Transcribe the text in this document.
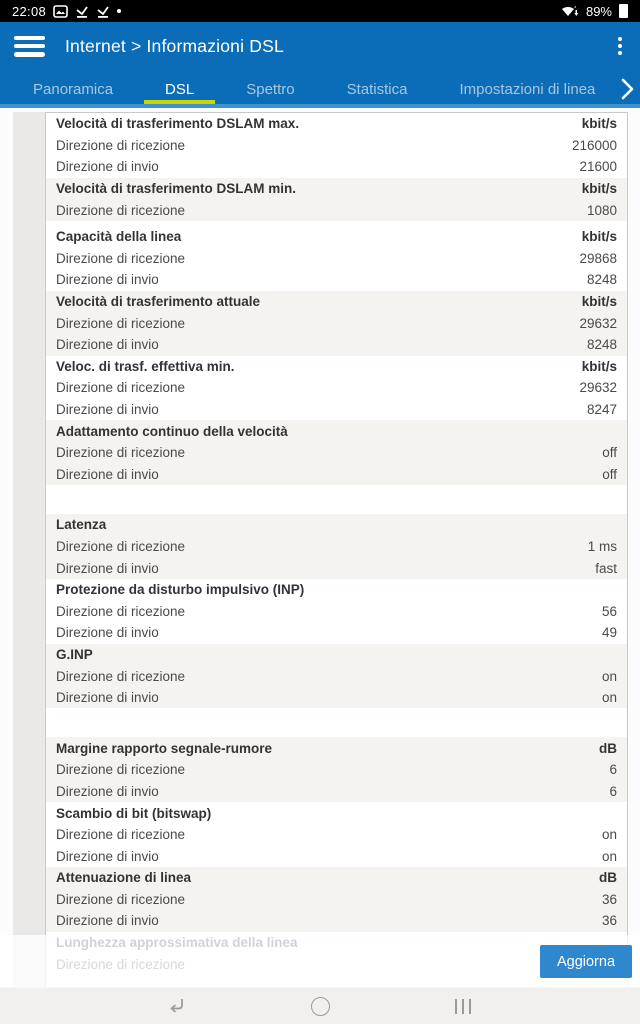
22:08	89%
Internet > Informazioni DSL
Panoramica	DSL	Spettro	Statistica	Impostazioni di linea
Velocità di trasferimento DSLAM max.	kbit/s
Direzione di ricezione	216000
Direzione di invio	21600
Velocità di trasferimento DSLAM min.	kbit/s
Direzione di ricezione	1080
Capacità della linea	kbit/s
Direzione di ricezione	29868
Direzione di invio	8248
Velocità di trasferimento attuale	kbit/s
Direzione di ricezione	29632
Direzione di invio	8248
Veloc. di trasf. effettiva min.	kbit/s
Direzione di ricezione	29632
Direzione di invio	8247
Adattamento continuo della velocità
Direzione di ricezione	off
Direzione di invio	off
Latenza
Direzione di ricezione	1 ms
Direzione di invio	fast
Protezione da disturbo impulsivo (INP)
Direzione di ricezione	56
Direzione di invio	49
G.INP
Direzione di ricezione	on
Direzione di invio	on
Margine rapporto segnale-rumore	dB
Direzione di ricezione	6
Direzione di invio	6
Scambio di bit (bitswap)
Direzione di ricezione	on
Direzione di invio	on
Attenuazione di linea	dB
Direzione di ricezione	36
Direzione di invio	36
Aggiorna
